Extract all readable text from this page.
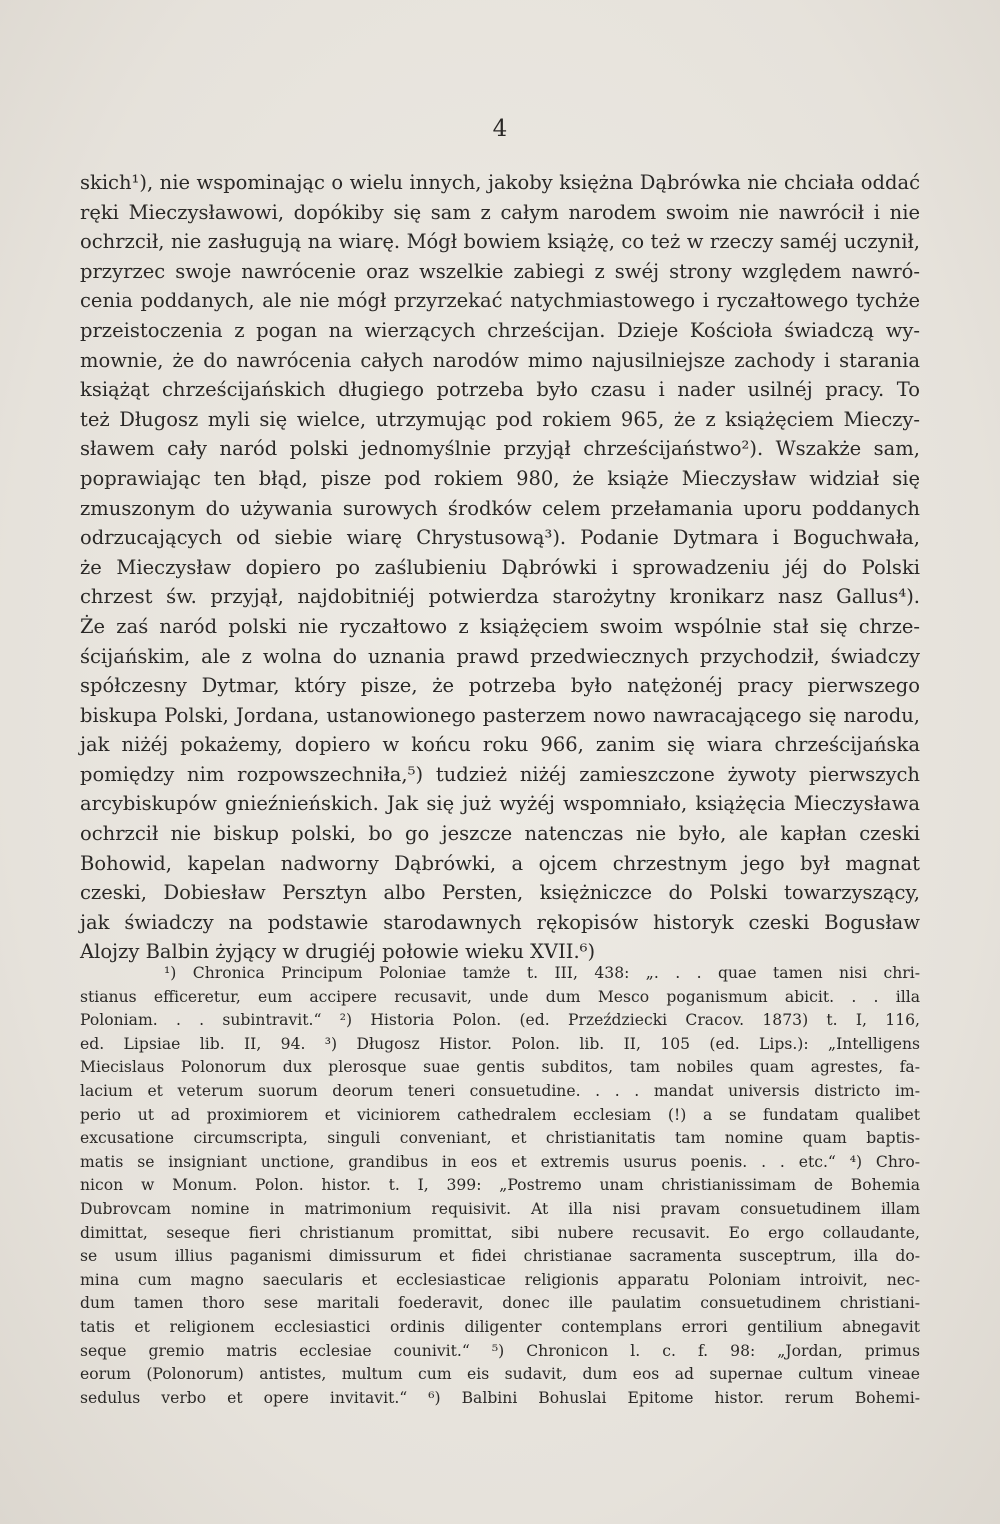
4
skich¹), nie wspominając o wielu innych, jakoby księżna Dąbrówka nie chciała oddać
ręki Mieczysławowi, dopókiby się sam z całym narodem swoim nie nawrócił i nie
ochrzcił, nie zasługują na wiarę. Mógł bowiem książę, co też w rzeczy saméj uczynił,
przyrzec swoje nawrócenie oraz wszelkie zabiegi z swéj strony względem nawró-
cenia poddanych, ale nie mógł przyrzekać natychmiastowego i ryczałtowego tychże
przeistoczenia z pogan na wierzących chrześcijan. Dzieje Kościoła świadczą wy-
mownie, że do nawrócenia całych narodów mimo najusilniejsze zachody i starania
książąt chrześcijańskich długiego potrzeba było czasu i nader usilnéj pracy. To
też Długosz myli się wielce, utrzymując pod rokiem 965, że z książęciem Mieczy-
sławem cały naród polski jednomyślnie przyjął chrześcijaństwo²). Wszakże sam,
poprawiając ten błąd, pisze pod rokiem 980, że książe Mieczysław widział się
zmuszonym do używania surowych środków celem przełamania uporu poddanych
odrzucających od siebie wiarę Chrystusową³). Podanie Dytmara i Boguchwała,
że Mieczysław dopiero po zaślubieniu Dąbrówki i sprowadzeniu jéj do Polski
chrzest św. przyjął, najdobitniéj potwierdza starożytny kronikarz nasz Gallus⁴).
Że zaś naród polski nie ryczałtowo z książęciem swoim wspólnie stał się chrze-
ścijańskim, ale z wolna do uznania prawd przedwiecznych przychodził, świadczy
spółczesny Dytmar, który pisze, że potrzeba było natężonéj pracy pierwszego
biskupa Polski, Jordana, ustanowionego pasterzem nowo nawracającego się narodu,
jak niżéj pokażemy, dopiero w końcu roku 966, zanim się wiara chrześcijańska
pomiędzy nim rozpowszechniła,⁵) tudzież niżéj zamieszczone żywoty pierwszych
arcybiskupów gnieźnieńskich. Jak się już wyżéj wspomniało, książęcia Mieczysława
ochrzcił nie biskup polski, bo go jeszcze natenczas nie było, ale kapłan czeski
Bohowid, kapelan nadworny Dąbrówki, a ojcem chrzestnym jego był magnat
czeski, Dobiesław Persztyn albo Persten, księżniczce do Polski towarzyszący,
jak świadczy na podstawie starodawnych rękopisów historyk czeski Bogusław
Alojzy Balbin żyjący w drugiéj połowie wieku XVII.⁶)
¹) Chronica Principum Poloniae tamże t. III, 438: „. . . quae tamen nisi chri-
stianus efficeretur, eum accipere recusavit, unde dum Mesco poganismum abicit. . . illa
Poloniam. . . subintravit.“ ²) Historia Polon. (ed. Przeździecki Cracov. 1873) t. I, 116,
ed. Lipsiae lib. II, 94. ³) Długosz Histor. Polon. lib. II, 105 (ed. Lips.): „Intelligens
Miecislaus Polonorum dux plerosque suae gentis subditos, tam nobiles quam agrestes, fa-
lacium et veterum suorum deorum teneri consuetudine. . . . mandat universis districto im-
perio ut ad proximiorem et viciniorem cathedralem ecclesiam (!) a se fundatam qualibet
excusatione circumscripta, singuli conveniant, et christianitatis tam nomine quam baptis-
matis se insigniant unctione, grandibus in eos et extremis usurus poenis. . . etc.“ ⁴) Chro-
nicon w Monum. Polon. histor. t. I, 399: „Postremo unam christianissimam de Bohemia
Dubrovcam nomine in matrimonium requisivit. At illa nisi pravam consuetudinem illam
dimittat, seseque fieri christianum promittat, sibi nubere recusavit. Eo ergo collaudante,
se usum illius paganismi dimissurum et fidei christianae sacramenta susceptrum, illa do-
mina cum magno saecularis et ecclesiasticae religionis apparatu Poloniam introivit, nec-
dum tamen thoro sese maritali foederavit, donec ille paulatim consuetudinem christiani-
tatis et religionem ecclesiastici ordinis diligenter contemplans errori gentilium abnegavit
seque gremio matris ecclesiae counivit.“ ⁵) Chronicon l. c. f. 98: „Jordan, primus
eorum (Polonorum) antistes, multum cum eis sudavit, dum eos ad supernae cultum vineae
sedulus verbo et opere invitavit.“ ⁶) Balbini Bohuslai Epitome histor. rerum Bohemi-
